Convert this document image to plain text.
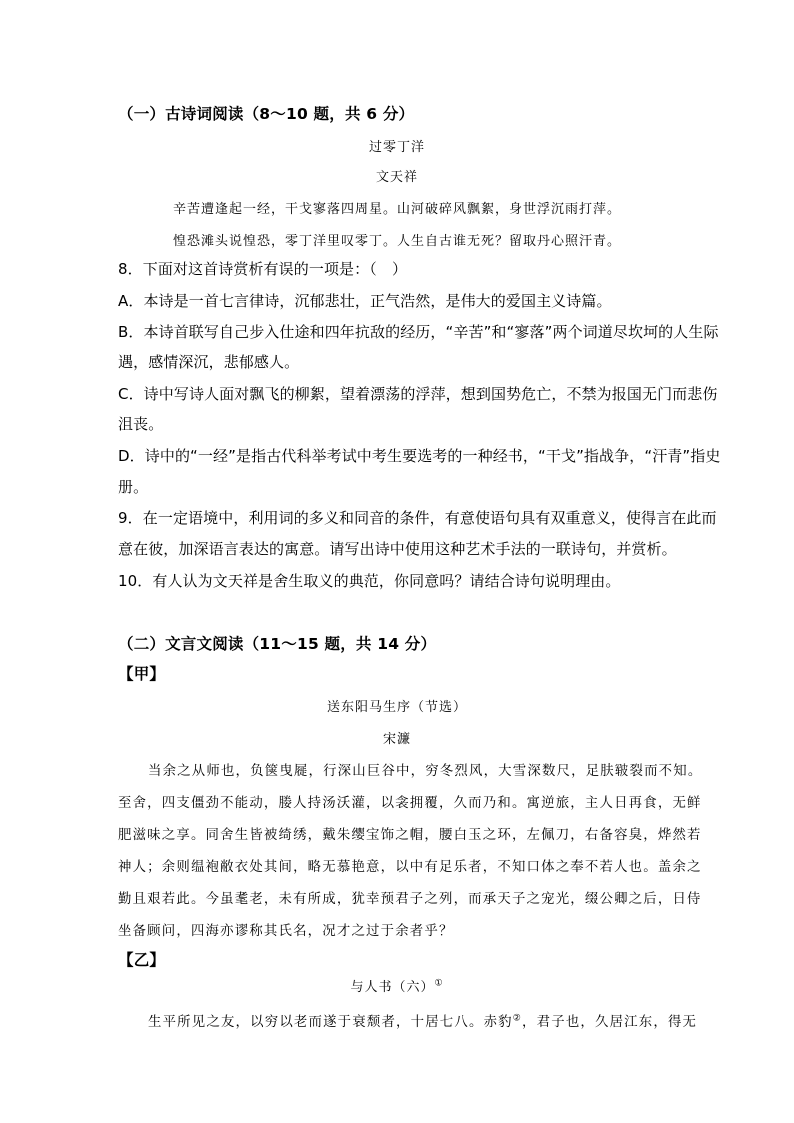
（一）古诗词阅读（8～10 题，共 6 分）
过零丁洋
文天祥
辛苦遭逢起一经，干戈寥落四周星。山河破碎风飘絮，身世浮沉雨打萍。
惶恐滩头说惶恐，零丁洋里叹零丁。人生自古谁无死？留取丹心照汗青。
8．下面对这首诗赏析有误的一项是：（　）
A．本诗是一首七言律诗，沉郁悲壮，正气浩然，是伟大的爱国主义诗篇。
B．本诗首联写自己步入仕途和四年抗敌的经历，“辛苦”和“寥落”两个词道尽坎坷的人生际
遇，感情深沉，悲郁感人。
C．诗中写诗人面对飘飞的柳絮，望着漂荡的浮萍，想到国势危亡，不禁为报国无门而悲伤
沮丧。
D．诗中的“一经”是指古代科举考试中考生要选考的一种经书，“干戈”指战争，“汗青”指史
册。
9．在一定语境中，利用词的多义和同音的条件，有意使语句具有双重意义，使得言在此而
意在彼，加深语言表达的寓意。请写出诗中使用这种艺术手法的一联诗句，并赏析。
10．有人认为文天祥是舍生取义的典范，你同意吗？请结合诗句说明理由。
（二）文言文阅读（11～15 题，共 14 分）
【甲】
送东阳马生序（节选）
宋濂
当余之从师也，负箧曳屣，行深山巨谷中，穷冬烈风，大雪深数尺，足肤皲裂而不知。
至舍，四支僵劲不能动，媵人持汤沃灌，以衾拥覆，久而乃和。寓逆旅，主人日再食，无鲜
肥滋味之享。同舍生皆被绮绣，戴朱缨宝饰之帽，腰白玉之环，左佩刀，右备容臭，烨然若
神人；余则缊袍敝衣处其间，略无慕艳意，以中有足乐者，不知口体之奉不若人也。盖余之
勤且艰若此。今虽耄老，未有所成，犹幸预君子之列，而承天子之宠光，缀公卿之后，日侍
坐备顾问，四海亦谬称其氏名，况才之过于余者乎？
【乙】
与人书（六）①
生平所见之友，以穷以老而遂于衰颓者，十居七八。赤豹②，君子也，久居江东，得无
